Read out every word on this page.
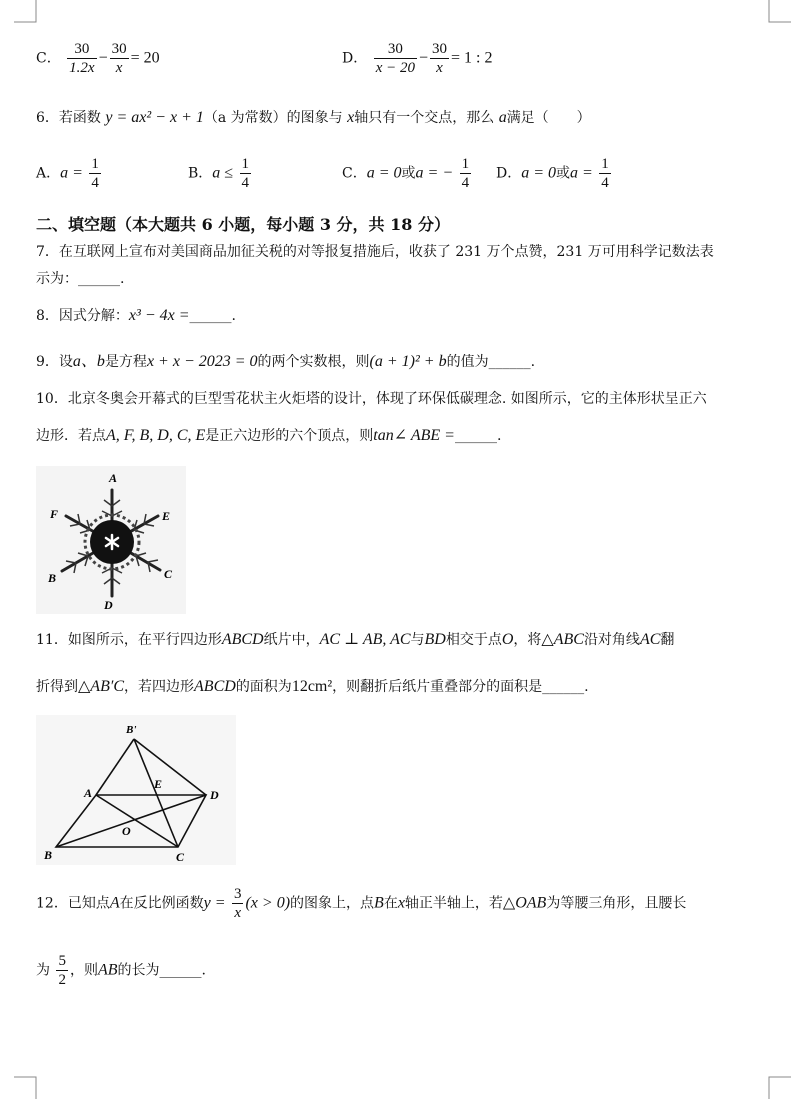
C． $\frac{30}{1.2x} - \frac{30}{x} = 20$	D． $\frac{30}{x - 20} - \frac{30}{x} = 1$ : 2
6．若函数 y = ax² − x + 1（a 为常数）的图象与 x轴只有一个交点，那么 a满足（　　）
A．$a = \frac{1}{4}$	B．$a \le \frac{1}{4}$	C．a = 0或a = − $\frac{1}{4}$ D．a = 0或$a = \frac{1}{4}$
二、填空题（本大题共 6 小题，每小题 3 分，共 18 分）
7．在互联网上宣布对美国商品加征关税的对等报复措施后，收获了 231 万个点赞，231 万可用科学记数法表
示为：______.
8．因式分解：x³ − 4x =______.
9．设a、b是方程x + x − 2023 = 0的两个实数根，则(a + 1)² + b的值为______.
10．北京冬奥会开幕式的巨型雪花状主火炬塔的设计，体现了环保低碳理念. 如图所示，它的主体形状呈正六
边形．若点A, F, B, D, C, E是正六边形的六个顶点，则tan∠ ABE =______.
A
F	E
B	C
D
11．如图所示，在平行四边形ABCD纸片中，AC ⊥ AB, AC与BD相交于点O，将△ABC沿对角线AC翻
折得到△AB′C，若四边形ABCD的面积为12cm²，则翻折后纸片重叠部分的面积是______.
B'
A
E
D
O
B	C
12．已知点A在反比例函数$y = \frac{3}{x} (x > 0)$的图象上，点B在x轴正半轴上，若△OAB为等腰三角形，且腰长
为 $\frac{5}{2}$ ，则AB的长为______.
